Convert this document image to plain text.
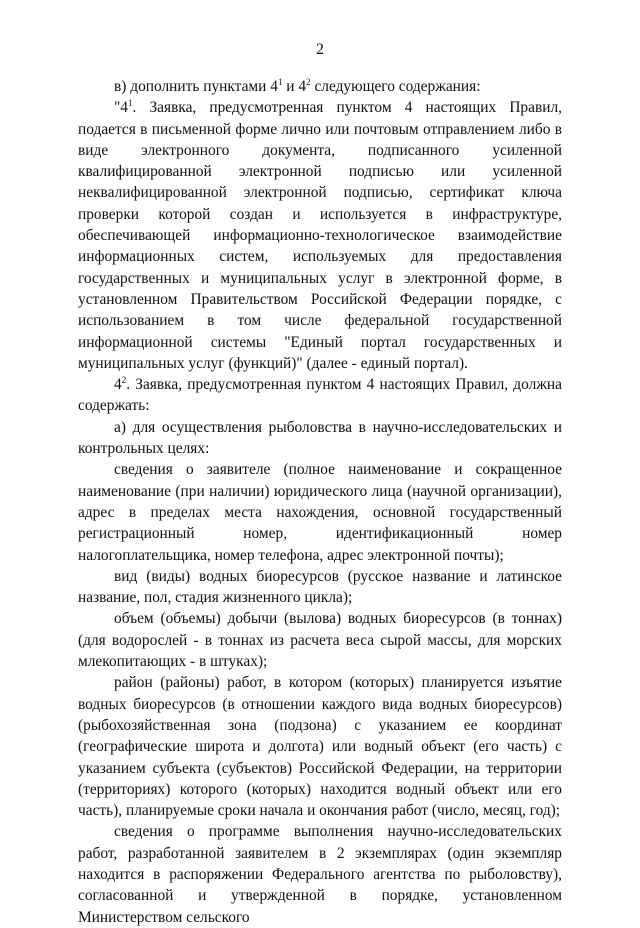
2

в) дополнить пунктами $4^1$ и $4^2$ следующего содержания:

"$4^1$. Заявка, предусмотренная пунктом 4 настоящих Правил, подается в письменной форме лично или почтовым отправлением либо в виде электронного документа, подписанного усиленной квалифицированной электронной подписью или усиленной неквалифицированной электронной подписью, сертификат ключа проверки которой создан и используется в инфраструктуре, обеспечивающей информационно-технологическое взаимодействие информационных систем, используемых для предоставления государственных и муниципальных услуг в электронной форме, в установленном Правительством Российской Федерации порядке, с использованием в том числе федеральной государственной информационной системы "Единый портал государственных и муниципальных услуг (функций)" (далее - единый портал).

$4^2$. Заявка, предусмотренная пунктом 4 настоящих Правил, должна содержать:

а) для осуществления рыболовства в научно-исследовательских и контрольных целях:

сведения о заявителе (полное наименование и сокращенное наименование (при наличии) юридического лица (научной организации), адрес в пределах места нахождения, основной государственный регистрационный номер, идентификационный номер налогоплательщика, номер телефона, адрес электронной почты);

вид (виды) водных биоресурсов (русское название и латинское название, пол, стадия жизненного цикла);

объем (объемы) добычи (вылова) водных биоресурсов (в тоннах) (для водорослей - в тоннах из расчета веса сырой массы, для морских млекопитающих - в штуках);

район (районы) работ, в котором (которых) планируется изъятие водных биоресурсов (в отношении каждого вида водных биоресурсов) (рыбохозяйственная зона (подзона) с указанием ее координат (географические широта и долгота) или водный объект (его часть) с указанием субъекта (субъектов) Российской Федерации, на территории (территориях) которого (которых) находится водный объект или его часть), планируемые сроки начала и окончания работ (число, месяц, год);

сведения о программе выполнения научно-исследовательских работ, разработанной заявителем в 2 экземплярах (один экземпляр находится в распоряжении Федерального агентства по рыболовству), согласованной и утвержденной в порядке, установленном Министерством сельского
